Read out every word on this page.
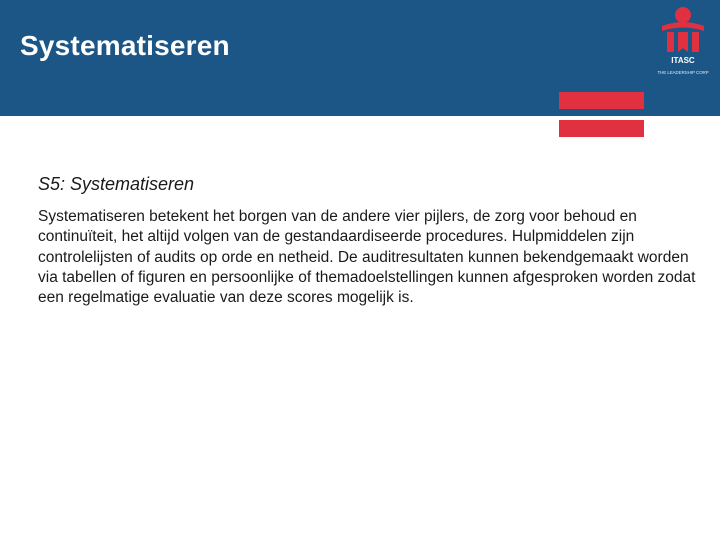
Systematiseren	ITASC
THE LEADERSHIP CORP
S5: Systematiseren

Systematiseren betekent het borgen van de andere vier pijlers, de zorg voor behoud en continuïteit, het altijd volgen van de gestandaardiseerde procedures. Hulpmiddelen zijn controlelijsten of audits op orde en netheid. De auditresultaten kunnen bekendgemaakt worden via tabellen of figuren en persoonlijke of themadoelstellingen kunnen afgesproken worden zodat een regelmatige evaluatie van deze scores mogelijk is.
